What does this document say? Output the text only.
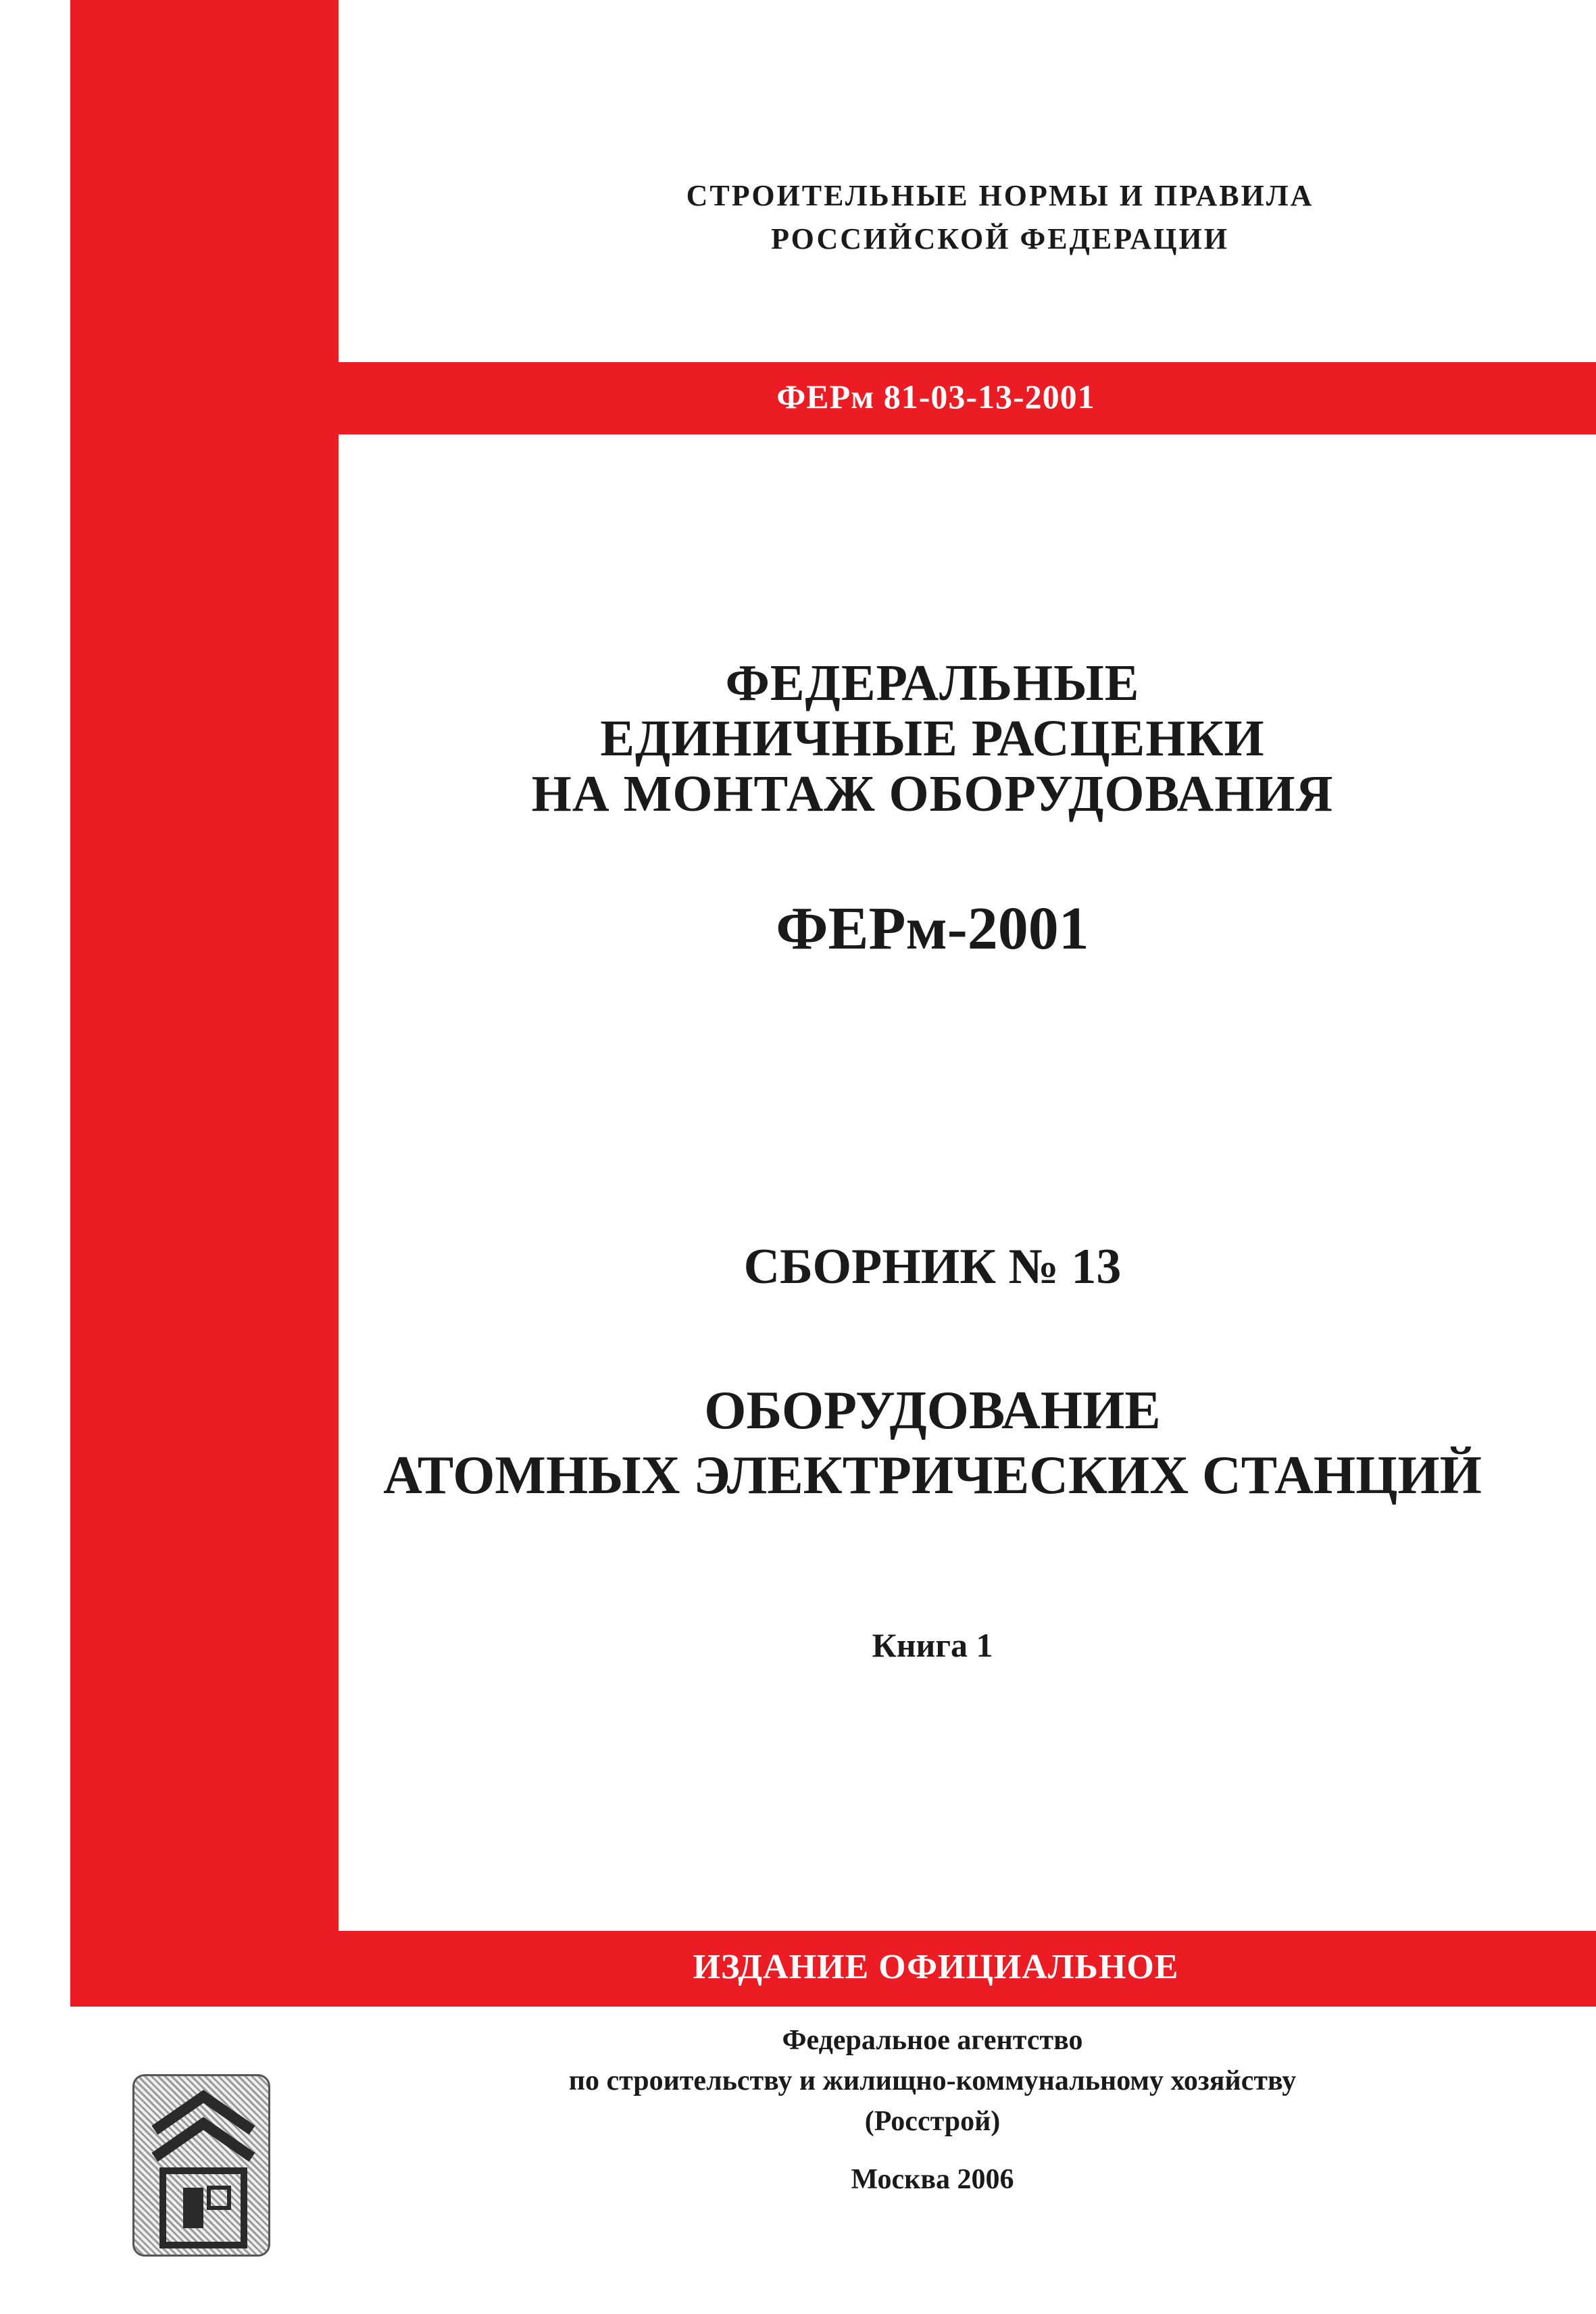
СТРОИТЕЛЬНЫЕ НОРМЫ И ПРАВИЛА
РОССИЙСКОЙ ФЕДЕРАЦИИ
ФЕРм 81-03-13-2001
ФЕДЕРАЛЬНЫЕ
ЕДИНИЧНЫЕ РАСЦЕНКИ
НА МОНТАЖ ОБОРУДОВАНИЯ
ФЕРм-2001
СБОРНИК № 13
ОБОРУДОВАНИЕ
АТОМНЫХ ЭЛЕКТРИЧЕСКИХ СТАНЦИЙ
Книга 1
ИЗДАНИЕ ОФИЦИАЛЬНОЕ
Федеральное агентство
по строительству и жилищно-коммунальному хозяйству
(Росстрой)
Москва 2006
